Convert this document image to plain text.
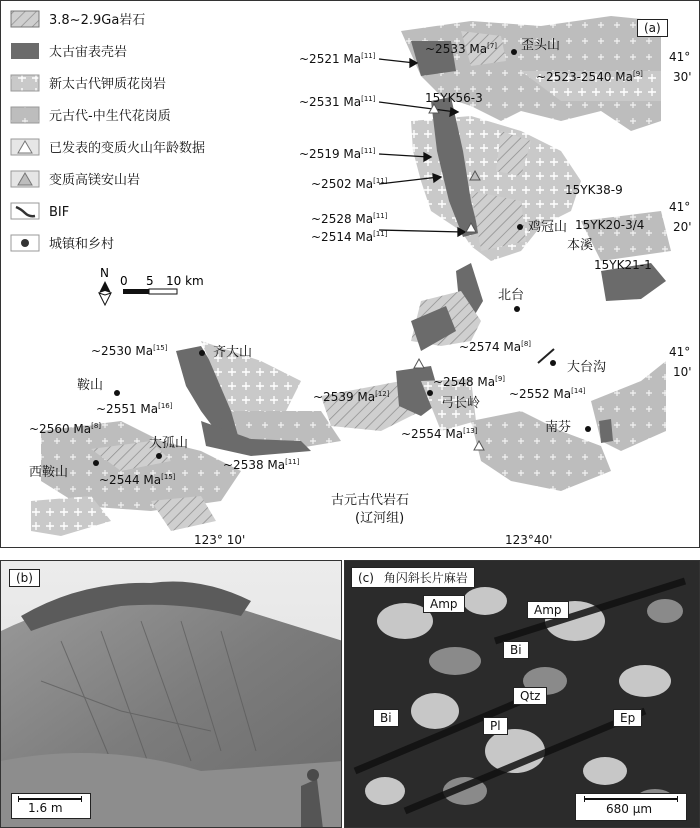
3.8~2.9Ga岩石
太古宙表壳岩
新太古代钾质花岗岩
元古代-中生代花岗质
已发表的变质火山年龄数据
变质高镁安山岩
BIF
城镇和乡村
N
0 5 10 km
歪头山
鸡冠山
本溪
北台
大台沟
齐大山
鞍山
弓长岭
南芬
大孤山
西鞍山
古元古代岩石
(辽河组)
15YK56-3
15YK38-9
15YK20-3/4
15YK21-1
~2533 Ma[7]
~2521 Ma[11]
~2523-2540 Ma[9]
~2531 Ma[11]
~2519 Ma[11]
~2502 Ma[11]
~2528 Ma[11]
~2514 Ma[11]
~2574 Ma[8]
~2530 Ma[15]
~2548 Ma[9]
~2539 Ma[12]	~2552 Ma[14]
~2551 Ma[16]
~2554 Ma[13]
~2560 Ma[8]
~2538 Ma[11]
~2544 Ma[15]
41°
30'
41°
20'
41°
10'
123° 10'	123°40'
(a)
(b)
1.6 m
(c) 角闪斜长片麻岩
Amp	Amp
Bi
Bi
Qtz
Pl
Ep
680 μm
